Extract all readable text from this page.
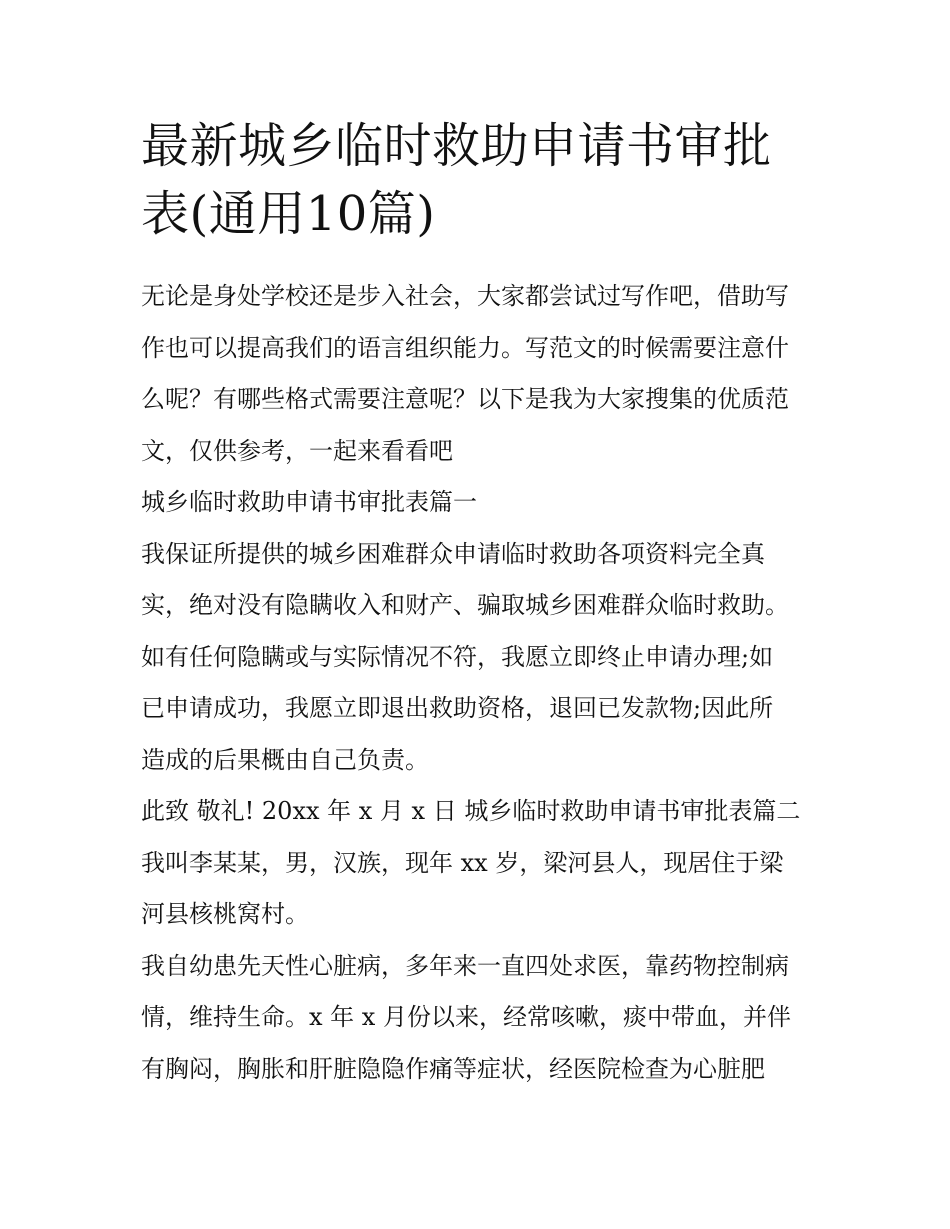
最新城乡临时救助申请书审批
表(通用10篇)

无论是身处学校还是步入社会，大家都尝试过写作吧，借助写
作也可以提高我们的语言组织能力。写范文的时候需要注意什
么呢？有哪些格式需要注意呢？以下是我为大家搜集的优质范
文，仅供参考，一起来看看吧

城乡临时救助申请书审批表篇一

我保证所提供的城乡困难群众申请临时救助各项资料完全真
实，绝对没有隐瞒收入和财产、骗取城乡困难群众临时救助。
如有任何隐瞒或与实际情况不符，我愿立即终止申请办理;如
已申请成功，我愿立即退出救助资格，退回已发款物;因此所
造成的后果概由自己负责。

此致 敬礼! 20xx 年 x 月 x 日 城乡临时救助申请书审批表篇二

我叫李某某，男，汉族，现年 xx 岁，梁河县人，现居住于梁
河县核桃窝村。

我自幼患先天性心脏病，多年来一直四处求医，靠药物控制病
情，维持生命。x 年 x 月份以来，经常咳嗽，痰中带血，并伴
有胸闷，胸胀和肝脏隐隐作痛等症状，经医院检查为心脏肥
